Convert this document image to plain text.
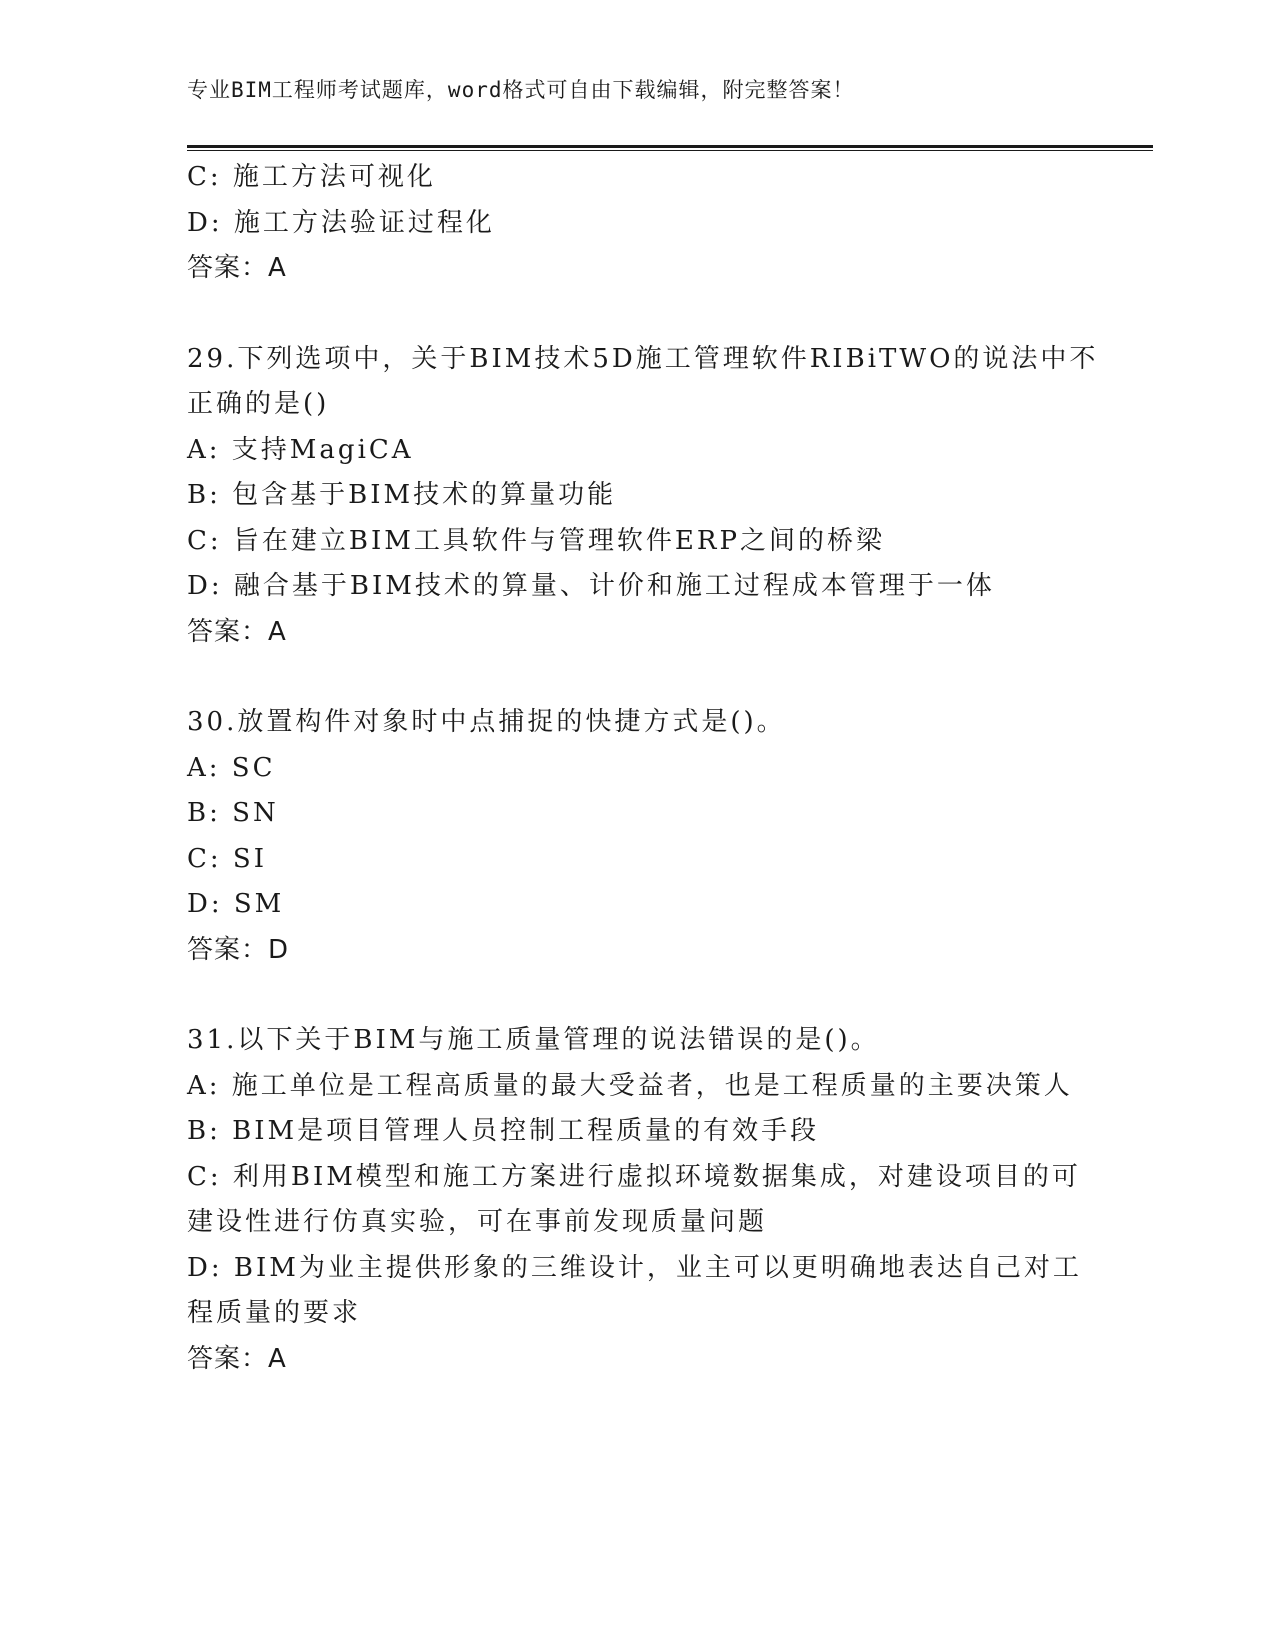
专业BIM工程师考试题库，word格式可自由下载编辑，附完整答案！
C: 施工方法可视化
D: 施工方法验证过程化
答案：A
29.下列选项中，关于BIM技术5D施工管理软件RIBiTWO的说法中不
正确的是()
A: 支持MagiCA
B: 包含基于BIM技术的算量功能
C: 旨在建立BIM工具软件与管理软件ERP之间的桥梁
D: 融合基于BIM技术的算量、计价和施工过程成本管理于一体
答案：A
30.放置构件对象时中点捕捉的快捷方式是()。
A: SC
B: SN
C: SI
D: SM
答案：D
31.以下关于BIM与施工质量管理的说法错误的是()。
A: 施工单位是工程高质量的最大受益者，也是工程质量的主要决策人
B: BIM是项目管理人员控制工程质量的有效手段
C: 利用BIM模型和施工方案进行虚拟环境数据集成，对建设项目的可
建设性进行仿真实验，可在事前发现质量问题
D: BIM为业主提供形象的三维设计，业主可以更明确地表达自己对工
程质量的要求
答案：A
